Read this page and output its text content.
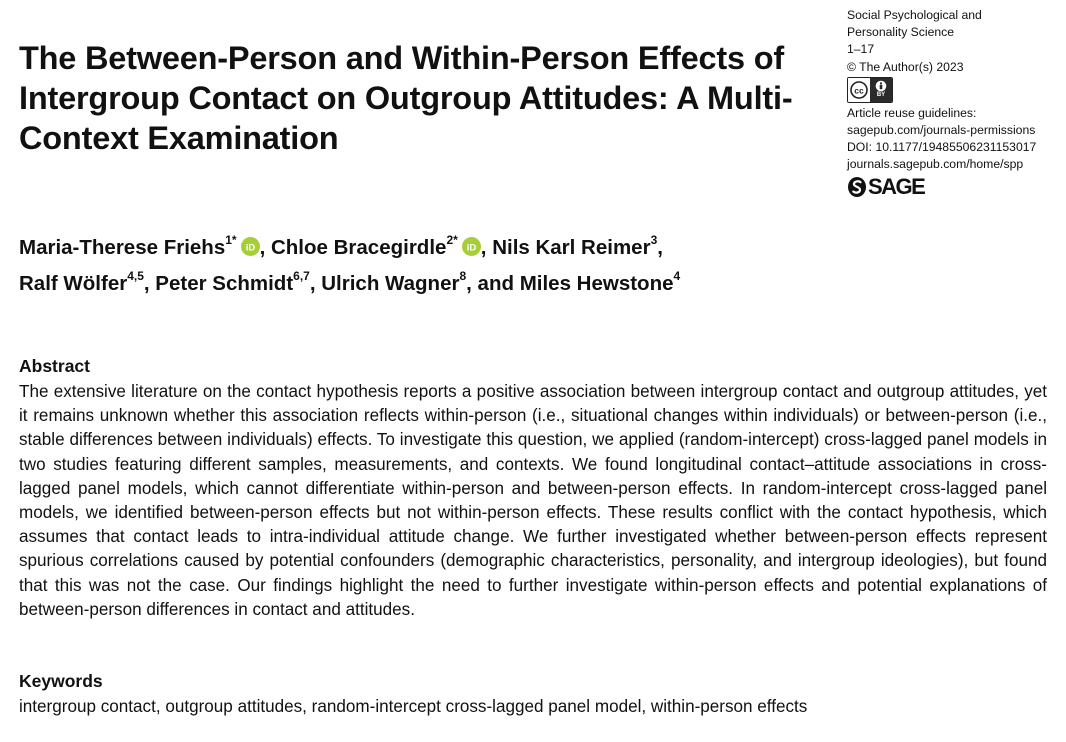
The Between-Person and Within-Person Effects of Intergroup Contact on Outgroup Attitudes: A Multi-Context Examination
Social Psychological and
Personality Science
1–17
© The Author(s) 2023
cc
BY
Article reuse guidelines:
sagepub.com/journals-permissions
DOI: 10.1177/19485506231153017
journals.sagepub.com/home/spp
SAGE
Maria-Therese Friehs$^{1*}$
iD , Chloe Bracegirdle$^{2*}$
iD , Nils Karl Reimer$^3$,
Ralf Wölfer$^{4,5}$, Peter Schmidt$^{6,7}$, Ulrich Wagner$^8$, and Miles Hewstone$^4$
Abstract

The extensive literature on the contact hypothesis reports a positive association between intergroup contact and outgroup attitudes, yet it remains unknown whether this association reflects within-person (i.e., situational changes within individuals) or between-person (i.e., stable differences between individuals) effects. To investigate this question, we applied (random-intercept) cross-lagged panel models in two studies featuring different samples, measurements, and contexts. We found longitudinal contact–attitude associations in cross-lagged panel models, which cannot differentiate within-person and between-person effects. In random-intercept cross-lagged panel models, we identified between-person effects but not within-person effects. These results conflict with the contact hypothesis, which assumes that contact leads to intra-individual attitude change. We further investigated whether between-person effects represent spurious correlations caused by potential confounders (demographic characteristics, personality, and intergroup ideologies), but found that this was not the case. Our findings highlight the need to further investigate within-person effects and potential explanations of between-person differences in contact and attitudes.

Keywords

intergroup contact, outgroup attitudes, random-intercept cross-lagged panel model, within-person effects
